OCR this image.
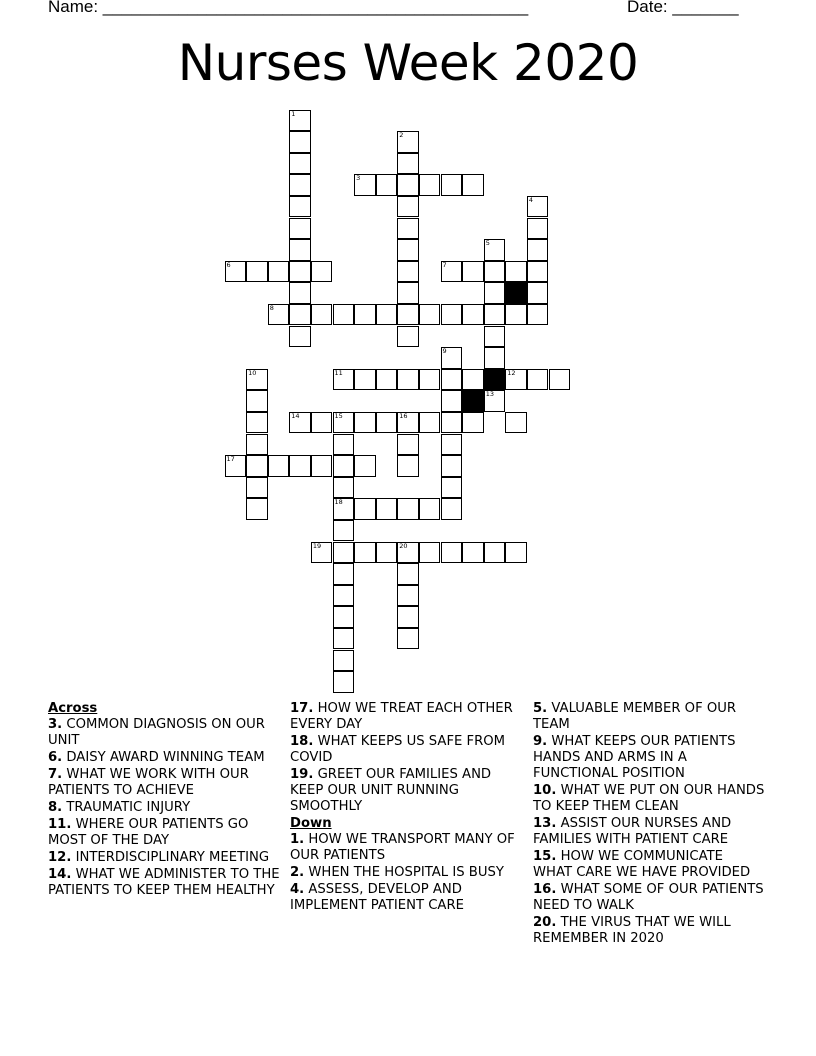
Name: _____________________________________________	Date: _______
Nurses Week 2020
1
2
3
4
5
6	7
8
9
10	11	12
13
14	15	16
17
18
19	20
Across
3. COMMON DIAGNOSIS ON OUR UNIT
6. DAISY AWARD WINNING TEAM
7. WHAT WE WORK WITH OUR PATIENTS TO ACHIEVE
8. TRAUMATIC INJURY
11. WHERE OUR PATIENTS GO MOST OF THE DAY
12. INTERDISCIPLINARY MEETING
14. WHAT WE ADMINISTER TO THE PATIENTS TO KEEP THEM HEALTHY
17. HOW WE TREAT EACH OTHER EVERY DAY
18. WHAT KEEPS US SAFE FROM COVID
19. GREET OUR FAMILIES AND KEEP OUR UNIT RUNNING SMOOTHLY
Down
1. HOW WE TRANSPORT MANY OF OUR PATIENTS
2. WHEN THE HOSPITAL IS BUSY
4. ASSESS, DEVELOP AND IMPLEMENT PATIENT CARE
5. VALUABLE MEMBER OF OUR TEAM
9. WHAT KEEPS OUR PATIENTS HANDS AND ARMS IN A FUNCTIONAL POSITION
10. WHAT WE PUT ON OUR HANDS TO KEEP THEM CLEAN
13. ASSIST OUR NURSES AND FAMILIES WITH PATIENT CARE
15. HOW WE COMMUNICATE WHAT CARE WE HAVE PROVIDED
16. WHAT SOME OF OUR PATIENTS NEED TO WALK
20. THE VIRUS THAT WE WILL REMEMBER IN 2020
